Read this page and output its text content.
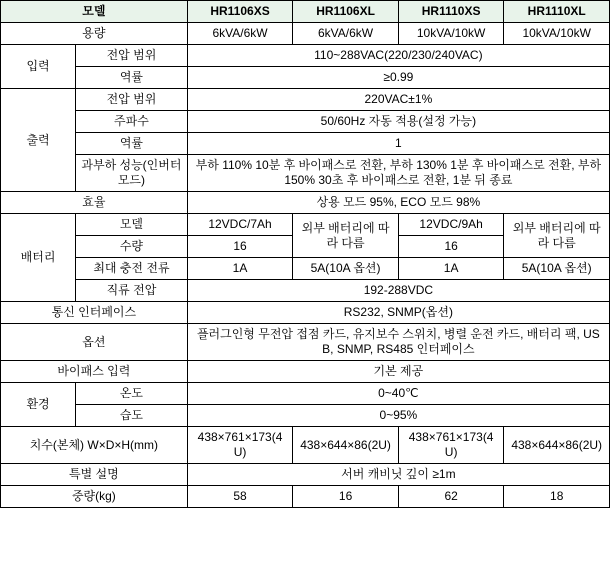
모델		HR1106XS	HR1106XL	HR1110XS	HR1110XL
용량		6kVA/6kW	6kVA/6kW	10kVA/10kW	10kVA/10kW
입력	전압 범위	110~288VAC(220/230/240VAC)			
	역률	≥0.99			
출력	전압 범위	220VAC±1%			
	주파수	50/60Hz 자동 적용(설정 가능)			
	역률	1			
	과부하 성능(인버터 모드)	부하 110% 10분 후 바이패스로 전환, 부하 130% 1분 후 바이패스로 전환, 부하 150% 30초 후 바이패스로 전환, 1분 뒤 종료			
효율		상용 모드 95%, ECO 모드 98%			
배터리	모델	12VDC/7Ah	외부 배터리에 따라 다름	12VDC/9Ah	외부 배터리에 따라 다름
	수량	16		16	
	최대 충전 전류	1A	5A(10A 옵션)	1A	5A(10A 옵션)
	직류 전압	192-288VDC			
통신 인터페이스		RS232, SNMP(옵션)			
옵션		플러그인형 무전압 접점 카드, 유지보수 스위치, 병렬 운전 카드, 배터리 팩, USB, SNMP, RS485 인터페이스			
바이패스 입력		기본 제공			
환경	온도	0~40℃			
	습도	0~95%			
치수(본체) W×D×H(mm)		438×761×173(4U)	438×644×86(2U)	438×761×173(4U)	438×644×86(2U)
특별 설명		서버 캐비닛 깊이 ≥1m			
중량(kg)		58	16	62	18
